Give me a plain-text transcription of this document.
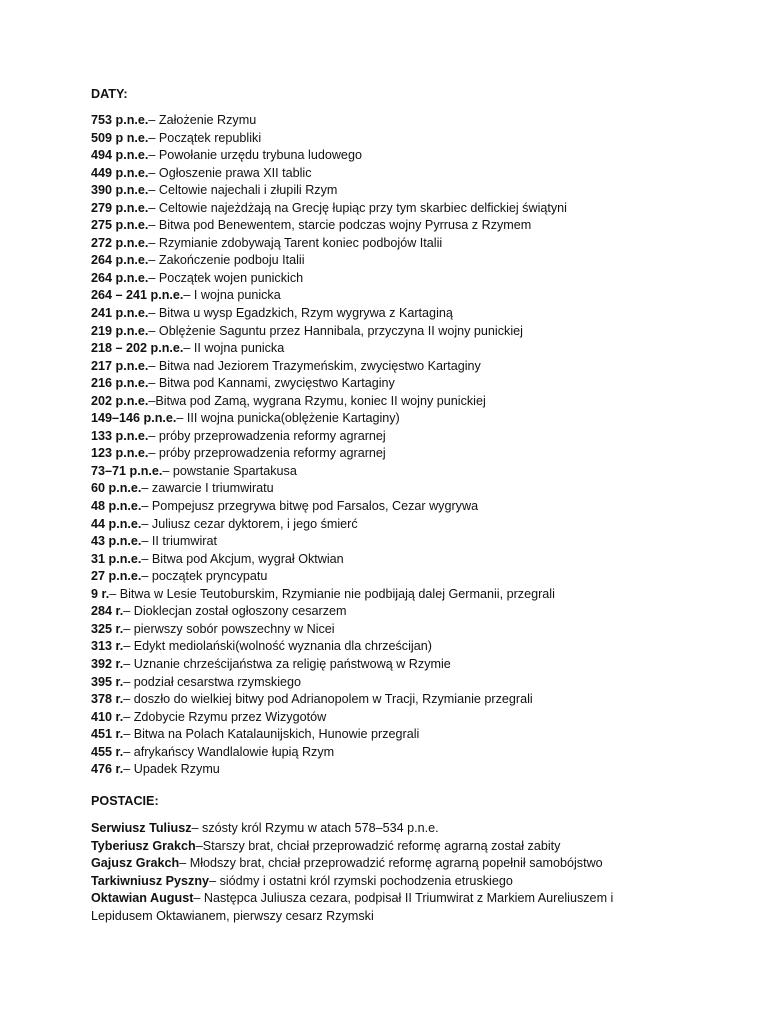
DATY:
753 p.n.e.– Założenie Rzymu
509 p n.e.– Początek republiki
494 p.n.e.– Powołanie urzędu trybuna ludowego
449 p.n.e.– Ogłoszenie prawa XII tablic
390 p.n.e.– Celtowie najechali i złupili Rzym
279 p.n.e.– Celtowie najeżdżają na Grecję łupiąc przy tym skarbiec delfickiej świątyni
275 p.n.e.– Bitwa pod Benewentem, starcie podczas wojny Pyrrusa z Rzymem
272 p.n.e.– Rzymianie zdobywają Tarent koniec podbojów Italii
264 p.n.e.– Zakończenie podboju Italii
264 p.n.e.– Początek wojen punickich
264 – 241 p.n.e.– I wojna punicka
241 p.n.e.– Bitwa u wysp Egadzkich, Rzym wygrywa z Kartaginą
219 p.n.e.– Oblężenie Saguntu przez Hannibala, przyczyna II wojny punickiej
218 – 202 p.n.e.– II wojna punicka
217 p.n.e.– Bitwa nad Jeziorem Trazymeńskim, zwycięstwo Kartaginy
216 p.n.e.– Bitwa pod Kannami, zwycięstwo Kartaginy
202 p.n.e.–Bitwa pod Zamą, wygrana Rzymu, koniec II wojny punickiej
149–146 p.n.e.– III wojna punicka(oblężenie Kartaginy)
133 p.n.e.– próby przeprowadzenia reformy agrarnej
123 p.n.e.– próby przeprowadzenia reformy agrarnej
73–71 p.n.e.– powstanie Spartakusa
60 p.n.e.– zawarcie I triumwiratu
48 p.n.e.– Pompejusz przegrywa bitwę pod Farsalos, Cezar wygrywa
44 p.n.e.– Juliusz cezar dyktorem, i jego śmierć
43 p.n.e.– II triumwirat
31 p.n.e.– Bitwa pod Akcjum, wygrał Oktwian
27 p.n.e.– początek pryncypatu
9 r.– Bitwa w Lesie Teutoburskim, Rzymianie nie podbijają dalej Germanii, przegrali
284 r.– Dioklecjan został ogłoszony cesarzem
325 r.– pierwszy sobór powszechny w Nicei
313 r.– Edykt mediolański(wolność wyznania dla chrześcijan)
392 r.– Uznanie chrześcijaństwa za religię państwową w Rzymie
395 r.– podział cesarstwa rzymskiego
378 r.– doszło do wielkiej bitwy pod Adrianopolem w Tracji, Rzymianie przegrali
410 r.– Zdobycie Rzymu przez Wizygotów
451 r.– Bitwa na Polach Katalaunijskich, Hunowie przegrali
455 r.– afrykańscy Wandlalowie łupią Rzym
476 r.– Upadek Rzymu
POSTACIE:
Serwiusz Tuliusz– szósty król Rzymu w atach 578–534 p.n.e.
Tyberiusz Grakch–Starszy brat, chciał przeprowadzić reformę agrarną został zabity
Gajusz Grakch– Młodszy brat, chciał przeprowadzić reformę agrarną popełnił samobójstwo
Tarkiwniusz Pyszny– siódmy i ostatni król rzymski pochodzenia etruskiego
Oktawian August– Następca Juliusza cezara, podpisał II Triumwirat z Markiem Aureliuszem i Lepidusem Oktawianem, pierwszy cesarz Rzymski
